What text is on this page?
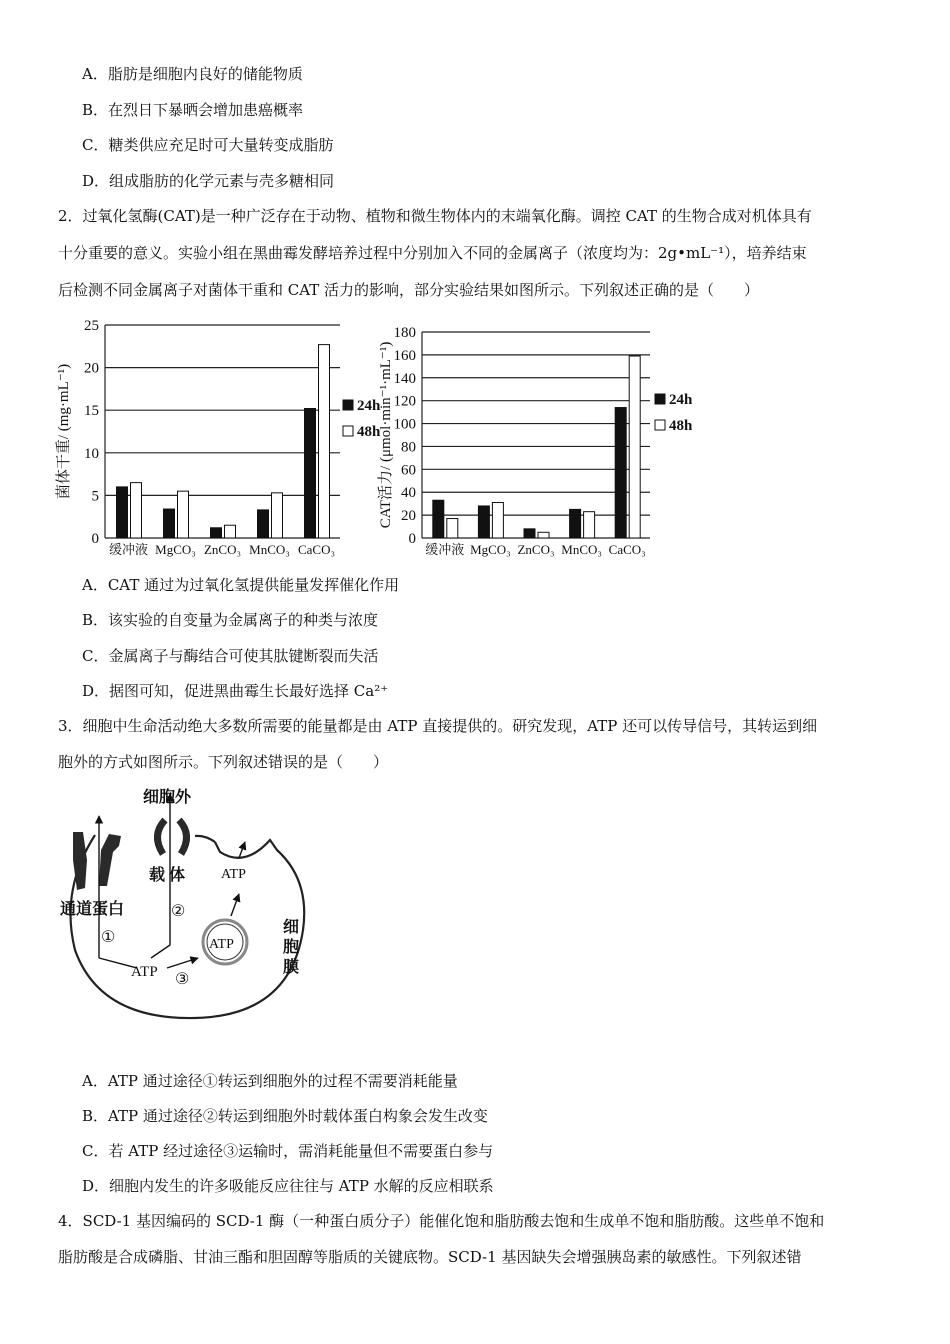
A．脂肪是细胞内良好的储能物质
B．在烈日下暴晒会增加患癌概率
C．糖类供应充足时可大量转变成脂肪
D．组成脂肪的化学元素与壳多糖相同
2．过氧化氢酶(CAT)是一种广泛存在于动物、植物和微生物体内的末端氧化酶。调控 CAT 的生物合成对机体具有
十分重要的意义。实验小组在黑曲霉发酵培养过程中分别加入不同的金属离子（浓度均为：2g•mL⁻¹），培养结束
后检测不同金属离子对菌体干重和 CAT 活力的影响，部分实验结果如图所示。下列叙述正确的是（　　）
0
5
10
15
20
25
菌体干重/ (mg·mL⁻¹)
缓冲液 MgCO₃ ZnCO₃ MnCO₃ CaCO₃
24h
48h
0
20
40
60
80
100
120
140
160
180
CAT活力/ (μmol·min⁻¹·mL⁻¹)
缓冲液 MgCO₃ ZnCO₃ MnCO₃ CaCO₃
24h
48h
A．CAT 通过为过氧化氢提供能量发挥催化作用
B．该实验的自变量为金属离子的种类与浓度
C．金属离子与酶结合可使其肽键断裂而失活
D．据图可知，促进黑曲霉生长最好选择 Ca²⁺
3．细胞中生命活动绝大多数所需要的能量都是由 ATP 直接提供的。研究发现，ATP 还可以传导信号，其转运到细
胞外的方式如图所示。下列叙述错误的是（　　）
细胞外
载 体
通道蛋白
①
②
③
ATP
ATP
ATP
细
胞
膜
A．ATP 通过途径①转运到细胞外的过程不需要消耗能量
B．ATP 通过途径②转运到细胞外时载体蛋白构象会发生改变
C．若 ATP 经过途径③运输时，需消耗能量但不需要蛋白参与
D．细胞内发生的许多吸能反应往往与 ATP 水解的反应相联系
4．SCD-1 基因编码的 SCD-1 酶（一种蛋白质分子）能催化饱和脂肪酸去饱和生成单不饱和脂肪酸。这些单不饱和
脂肪酸是合成磷脂、甘油三酯和胆固醇等脂质的关键底物。SCD-1 基因缺失会增强胰岛素的敏感性。下列叙述错
